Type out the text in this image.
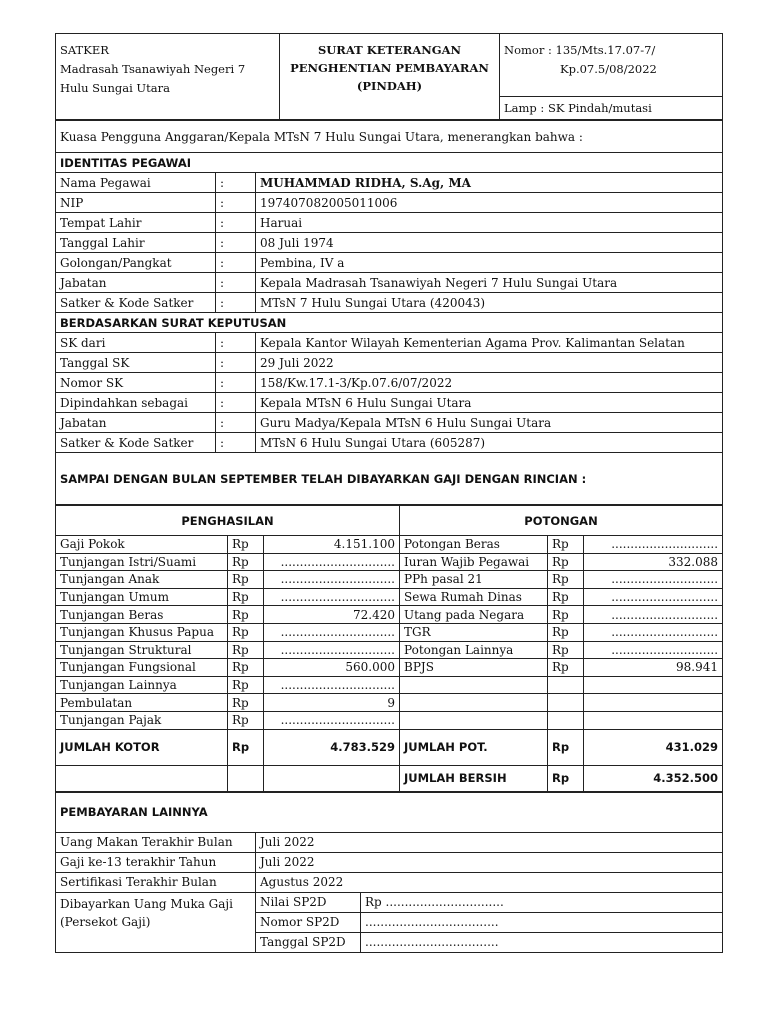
SATKER
Madrasah Tsanawiyah Negeri 7
Hulu Sungai Utara

SURAT KETERANGAN
PENGHENTIAN PEMBAYARAN
(PINDAH)

Nomor : 135/Mts.17.07-7/
Kp.07.5/08/2022

Lamp : SK Pindah/mutasi
Kuasa Pengguna Anggaran/Kepala MTsN 7 Hulu Sungai Utara, menerangkan bahwa :		
IDENTITAS PEGAWAI		
Nama Pegawai	:	MUHAMMAD RIDHA, S.Ag, MA
NIP	:	197407082005011006
Tempat Lahir	:	Haruai
Tanggal Lahir	:	08 Juli 1974
Golongan/Pangkat	:	Pembina, IV a
Jabatan	:	Kepala Madrasah Tsanawiyah Negeri 7 Hulu Sungai Utara
Satker & Kode Satker	:	MTsN 7 Hulu Sungai Utara (420043)
BERDASARKAN SURAT KEPUTUSAN		
SK dari	:	Kepala Kantor Wilayah Kementerian Agama Prov. Kalimantan Selatan
Tanggal SK	:	29 Juli 2022
Nomor SK	:	158/Kw.17.1-3/Kp.07.6/07/2022
Dipindahkan sebagai	:	Kepala MTsN 6 Hulu Sungai Utara
Jabatan	:	Guru Madya/Kepala MTsN 6 Hulu Sungai Utara
Satker & Kode Satker	:	MTsN 6 Hulu Sungai Utara (605287)
SAMPAI DENGAN BULAN SEPTEMBER TELAH DIBAYARKAN GAJI DENGAN RINCIAN :		
PENGHASILAN			POTONGAN		
Gaji Pokok	Rp	4.151.100	Potongan Beras	Rp	............................
Tunjangan Istri/Suami	Rp	..............................	Iuran Wajib Pegawai	Rp	332.088
Tunjangan Anak	Rp	..............................	PPh pasal 21	Rp	............................
Tunjangan Umum	Rp	..............................	Sewa Rumah Dinas	Rp	............................
Tunjangan Beras	Rp	72.420	Utang pada Negara	Rp	............................
Tunjangan Khusus Papua	Rp	..............................	TGR	Rp	............................
Tunjangan Struktural	Rp	..............................	Potongan Lainnya	Rp	............................
Tunjangan Fungsional	Rp	560.000	BPJS	Rp	98.941
Tunjangan Lainnya	Rp	..............................			
Pembulatan	Rp	9			
Tunjangan Pajak	Rp	..............................			
JUMLAH KOTOR	Rp	4.783.529	JUMLAH POT.	Rp	431.029
			JUMLAH BERSIH	Rp	4.352.500
PEMBAYARAN LAINNYA		
Uang Makan Terakhir Bulan	Juli 2022	
Gaji ke-13 terakhir Tahun	Juli 2022	
Sertifikasi Terakhir Bulan	Agustus 2022	

Dibayarkan Uang Muka Gaji
(Persekot Gaji)	Nilai SP2D	Rp ...............................
	Nomor SP2D	...................................
	Tanggal SP2D	...................................
